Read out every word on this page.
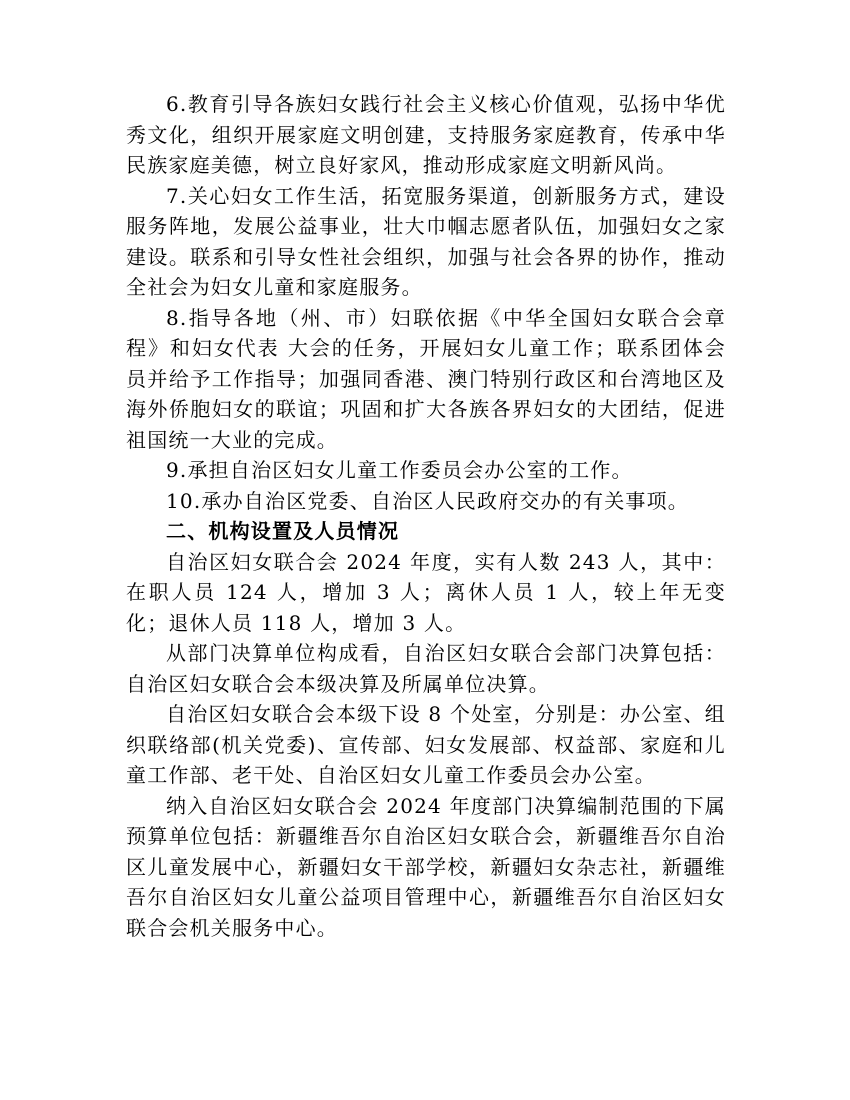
6.教育引导各族妇女践行社会主义核心价值观，弘扬中华优秀文化，组织开展家庭文明创建，支持服务家庭教育，传承中华民族家庭美德，树立良好家风，推动形成家庭文明新风尚。

7.关心妇女工作生活，拓宽服务渠道，创新服务方式，建设服务阵地，发展公益事业，壮大巾帼志愿者队伍，加强妇女之家建设。联系和引导女性社会组织，加强与社会各界的协作，推动全社会为妇女儿童和家庭服务。

8.指导各地（州、市）妇联依据《中华全国妇女联合会章程》和妇女代表 大会的任务，开展妇女儿童工作；联系团体会员并给予工作指导；加强同香港、澳门特别行政区和台湾地区及海外侨胞妇女的联谊；巩固和扩大各族各界妇女的大团结，促进祖国统一大业的完成。

9.承担自治区妇女儿童工作委员会办公室的工作。

10.承办自治区党委、自治区人民政府交办的有关事项。

二、机构设置及人员情况

自治区妇女联合会 2024 年度，实有人数 243 人，其中：在职人员 124 人，增加 3 人；离休人员 1 人，较上年无变化；退休人员 118 人，增加 3 人。

从部门决算单位构成看，自治区妇女联合会部门决算包括：自治区妇女联合会本级决算及所属单位决算。

自治区妇女联合会本级下设 8 个处室，分别是：办公室、组织联络部(机关党委)、宣传部、妇女发展部、权益部、家庭和儿童工作部、老干处、自治区妇女儿童工作委员会办公室。

纳入自治区妇女联合会 2024 年度部门决算编制范围的下属预算单位包括：新疆维吾尔自治区妇女联合会，新疆维吾尔自治区儿童发展中心，新疆妇女干部学校，新疆妇女杂志社，新疆维吾尔自治区妇女儿童公益项目管理中心，新疆维吾尔自治区妇女联合会机关服务中心。
